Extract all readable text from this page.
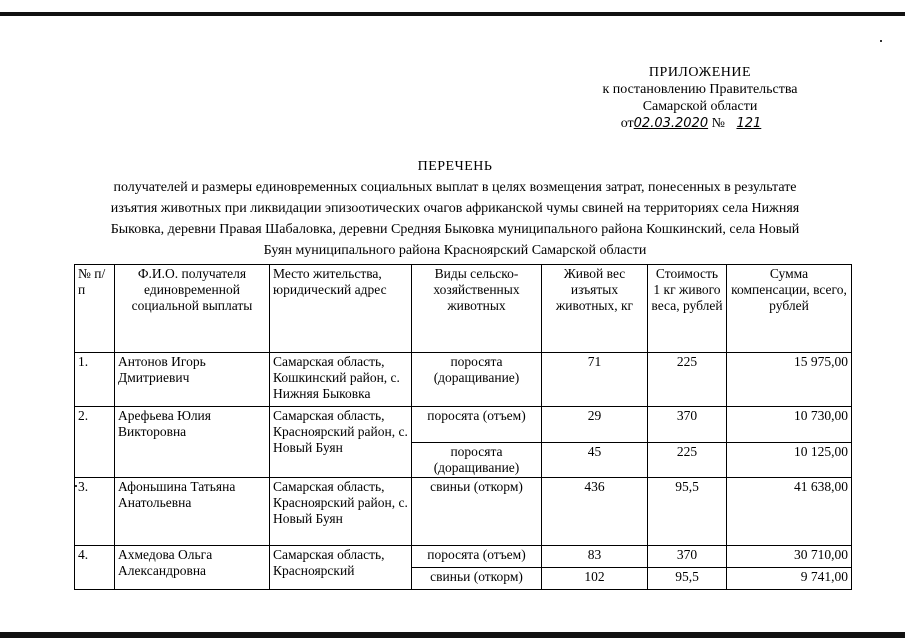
ПРИЛОЖЕНИЕ
к постановлению Правительства
Самарской области
от02.03.2020 № 121
ПЕРЕЧЕНЬ
получателей и размеры единовременных социальных выплат в целях возмещения затрат, понесенных в результате
изъятия животных при ликвидации эпизоотических очагов африканской чумы свиней на территориях села Нижняя
Быковка, деревни Правая Шабаловка, деревни Средняя Быковка муниципального района Кошкинский, села Новый
Буян муниципального района Красноярский Самарской области
№ п/п	Ф.И.О. получателя единовременной социальной выплаты	Место жительства, юридический адрес	Виды сельско-хозяйственных животных	Живой вес изъятых животных, кг	Стоимость 1 кг живого веса, рублей	Сумма компенсации, всего, рублей
1.	Антонов Игорь Дмитриевич	Самарская область, Кошкинский район, с. Нижняя Быковка	поросята (доращивание)	71	225	15 975,00
2.	Арефьева Юлия Викторовна	Самарская область, Красноярский район, с. Новый Буян	поросята (отъем)	29	370	10 730,00
			поросята (доращивание)	45	225	10 125,00
3.	Афоньшина Татьяна Анатольевна	Самарская область, Красноярский район, с. Новый Буян	свиньи (откорм)	436	95,5	41 638,00
4.	Ахмедова Ольга Александровна	Самарская область, Красноярский	поросята (отъем)	83	370	30 710,00
			свиньи (откорм)	102	95,5	9 741,00
